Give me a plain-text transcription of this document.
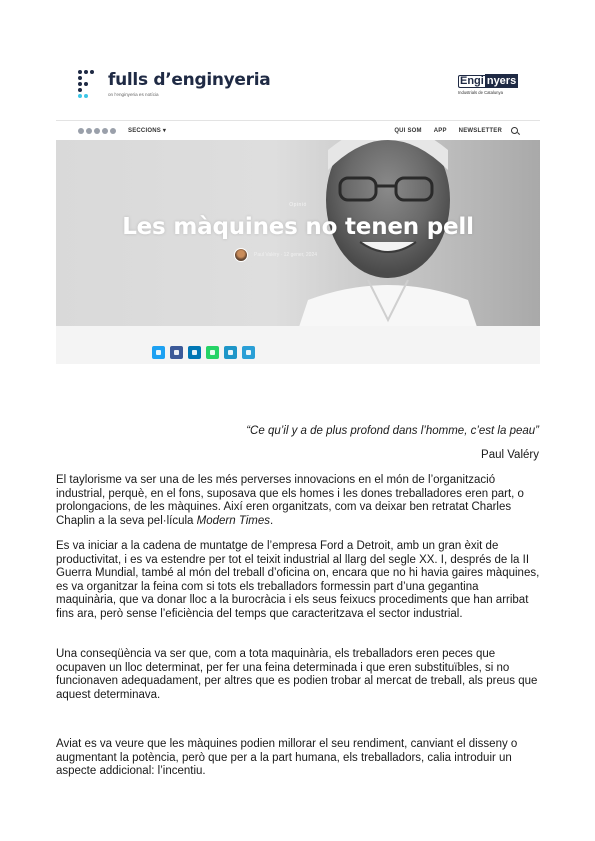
fulls d’enginyeria
on l’enginyeria es notícia
Engi nyers
Industrials de Catalunya
SECCIONS ▾	QUI SOM APP NEWSLETTER
Opinió
Les màquines no tenen pell
Paul Valéry · 12 gener, 2024
“Ce qu’il y a de plus profond dans l’homme, c’est la peau”
Paul Valéry

El taylorisme va ser una de les més perverses innovacions en el món de l’organització industrial, perquè, en el fons, suposava que els homes i les dones treballadores eren part, o prolongacions, de les màquines. Així eren organitzats, com va deixar ben retratat Charles Chaplin a la seva pel·lícula Modern Times.

Es va iniciar a la cadena de muntatge de l’empresa Ford a Detroit, amb un gran èxit de productivitat, i es va estendre per tot el teixit industrial al llarg del segle XX. I, després de la II Guerra Mundial, també al món del treball d’oficina on, encara que no hi havia gaires màquines, es va organitzar la feina com si tots els treballadors formessin part d’una gegantina maquinària, que va donar lloc a la burocràcia i els seus feixucs procediments que han arribat fins ara, però sense l’eficiència del temps que caracteritzava el sector industrial.

Una conseqüència va ser que, com a tota maquinària, els treballadors eren peces que ocupaven un lloc determinat, per fer una feina determinada i que eren substituïbles, si no funcionaven adequadament, per altres que es podien trobar al mercat de treball, als preus que aquest determinava.

Aviat es va veure que les màquines podien millorar el seu rendiment, canviant el disseny o augmentant la potència, però que per a la part humana, els treballadors, calia introduir un aspecte addicional: l’incentiu.
